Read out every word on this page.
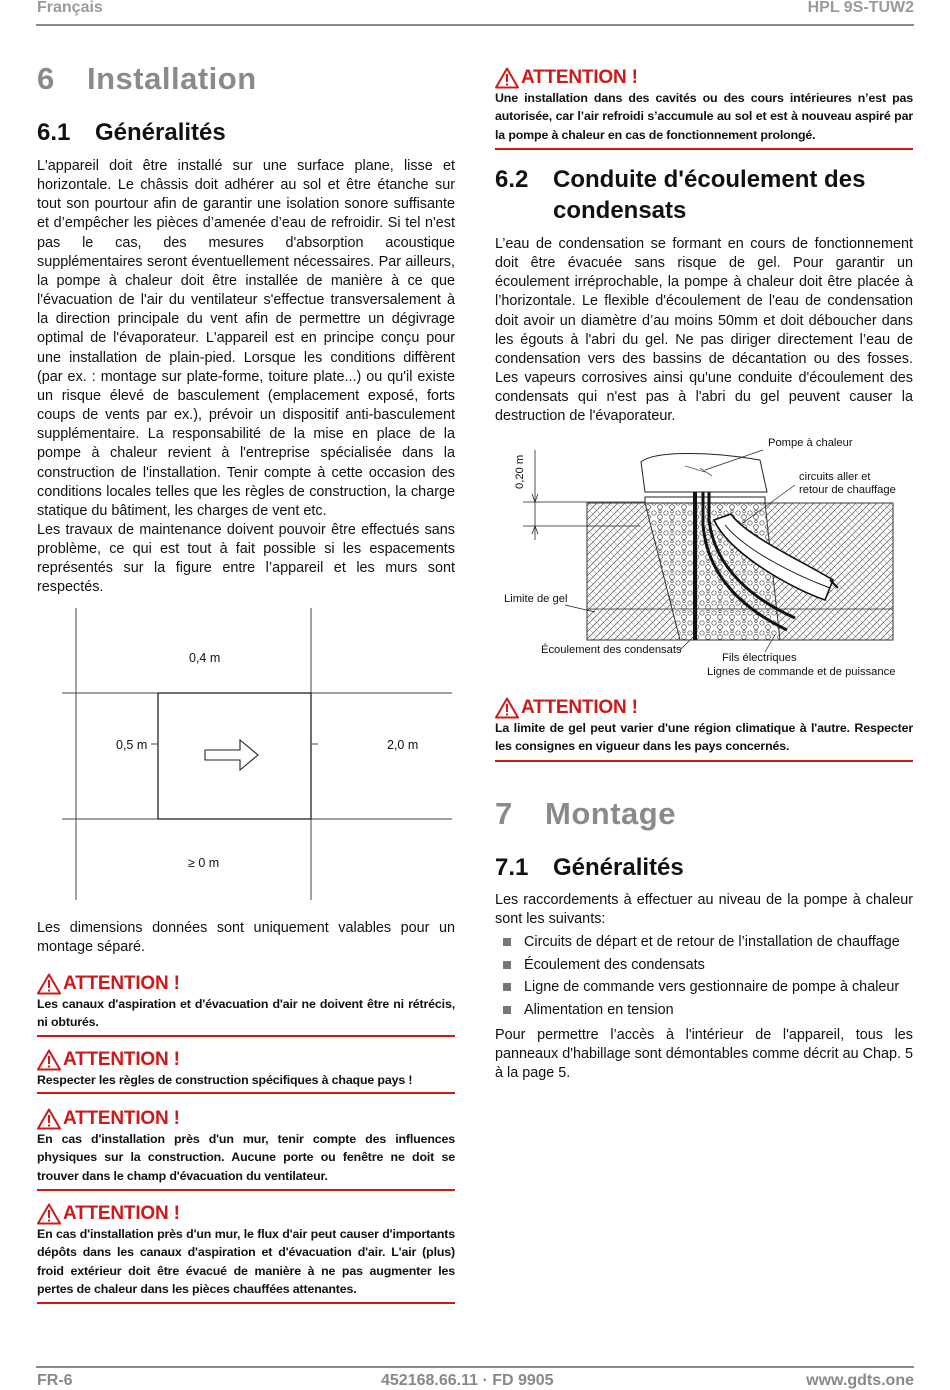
Français	HPL 9S-TUW2
6 Installation
6.1 Généralités

L'appareil doit être installé sur une surface plane, lisse et horizontale. Le châssis doit adhérer au sol et être étanche sur tout son pourtour afin de garantir une isolation sonore suffisante et d’empêcher les pièces d’amenée d’eau de refroidir. Si tel n'est pas le cas, des mesures d'absorption acoustique supplémentaires seront éventuellement nécessaires. Par ailleurs, la pompe à chaleur doit être installée de manière à ce que l'évacuation de l'air du ventilateur s'effectue transversalement à la direction principale du vent afin de permettre un dégivrage optimal de l'évaporateur. L'appareil est en principe conçu pour une installation de plain-pied. Lorsque les conditions diffèrent (par ex. : montage sur plate-forme, toiture plate...) ou qu'il existe un risque élevé de basculement (emplacement exposé, forts coups de vents par ex.), prévoir un dispositif anti-basculement supplémentaire. La responsabilité de la mise en place de la pompe à chaleur revient à l'entreprise spécialisée dans la construction de l'installation. Tenir compte à cette occasion des conditions locales telles que les règles de construction, la charge statique du bâtiment, les charges de vent etc.

Les travaux de maintenance doivent pouvoir être effectués sans problème, ce qui est tout à fait possible si les espacements représentés sur la figure entre l’appareil et les murs sont respectés.

0,4 m
0,5 m	2,0 m
≥ 0 m
Les dimensions données sont uniquement valables pour un montage séparé.
ATTENTION !
Les canaux d'aspiration et d'évacuation d'air ne doivent être ni rétrécis, ni obturés.
ATTENTION !
Respecter les règles de construction spécifiques à chaque pays !
ATTENTION !
En cas d'installation près d'un mur, tenir compte des influences physiques sur la construction. Aucune porte ou fenêtre ne doit se trouver dans le champ d'évacuation du ventilateur.
ATTENTION !
En cas d'installation près d'un mur, le flux d'air peut causer d'importants dépôts dans les canaux d'aspiration et d'évacuation d'air. L'air (plus) froid extérieur doit être évacué de manière à ne pas augmenter les pertes de chaleur dans les pièces chauffées attenantes.
ATTENTION !
Une installation dans des cavités ou des cours intérieures n’est pas autorisée, car l’air refroidi s’accumule au sol et est à nouveau aspiré par la pompe à chaleur en cas de fonctionnement prolongé.
6.2 Conduite d'écoulement des
condensats
L’eau de condensation se formant en cours de fonctionnement doit être évacuée sans risque de gel. Pour garantir un écoulement irréprochable, la pompe à chaleur doit être placée à l’horizontale. Le flexible d'écoulement de l'eau de condensation doit avoir un diamètre d’au moins 50mm et doit déboucher dans les égouts à l'abri du gel. Ne pas diriger directement l’eau de condensation vers des bassins de décantation ou des fosses. Les vapeurs corrosives ainsi qu'une conduite d'écoulement des condensats qui n'est pas à l'abri du gel peuvent causer la destruction de l'évaporateur.
Pompe à chaleur
circuits aller et
retour de chauffage
0,20 m
Limite de gel
Écoulement des condensats
Fils électriques
Lignes de commande et de puissance
ATTENTION !
La limite de gel peut varier d'une région climatique à l'autre. Respecter les consignes en vigueur dans les pays concernés.
7 Montage
7.1 Généralités
Les raccordements à effectuer au niveau de la pompe à chaleur sont les suivants:
Circuits de départ et de retour de l’installation de chauffage
Écoulement des condensats
Ligne de commande vers gestionnaire de pompe à chaleur
Alimentation en tension
Pour permettre l’accès à l'intérieur de l'appareil, tous les panneaux d'habillage sont démontables comme décrit au Chap. 5 à la page 5.
FR-6	452168.66.11 · FD 9905	www.gdts.one
